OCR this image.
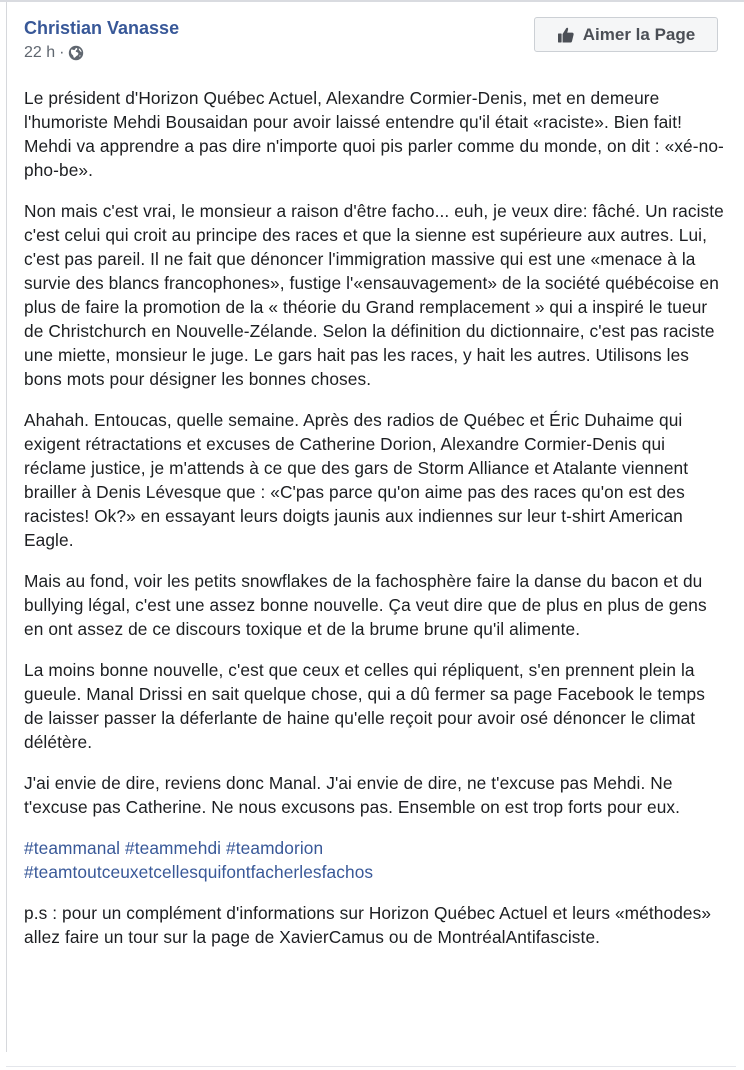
Christian Vanasse
22 h ·
Aimer la Page

Le président d'Horizon Québec Actuel, Alexandre Cormier-Denis, met en demeure l'humoriste Mehdi Bousaidan pour avoir laissé entendre qu'il était «raciste». Bien fait! Mehdi va apprendre a pas dire n'importe quoi pis parler comme du monde, on dit : «xé-no-pho-be».

Non mais c'est vrai, le monsieur a raison d'être facho... euh, je veux dire: fâché. Un raciste c'est celui qui croit au principe des races et que la sienne est supérieure aux autres. Lui, c'est pas pareil. Il ne fait que dénoncer l'immigration massive qui est une «menace à la survie des blancs francophones», fustige l'«ensauvagement» de la société québécoise en plus de faire la promotion de la « théorie du Grand remplacement » qui a inspiré le tueur de Christchurch en Nouvelle-Zélande. Selon la définition du dictionnaire, c'est pas raciste une miette, monsieur le juge. Le gars hait pas les races, y hait les autres. Utilisons les bons mots pour désigner les bonnes choses.

Ahahah. Entoucas, quelle semaine. Après des radios de Québec et Éric Duhaime qui exigent rétractations et excuses de Catherine Dorion, Alexandre Cormier-Denis qui réclame justice, je m'attends à ce que des gars de Storm Alliance et Atalante viennent brailler à Denis Lévesque que : «C'pas parce qu'on aime pas des races qu'on est des racistes! Ok?» en essayant leurs doigts jaunis aux indiennes sur leur t-shirt American Eagle.

Mais au fond, voir les petits snowflakes de la fachosphère faire la danse du bacon et du bullying légal, c'est une assez bonne nouvelle. Ça veut dire que de plus en plus de gens en ont assez de ce discours toxique et de la brume brune qu'il alimente.

La moins bonne nouvelle, c'est que ceux et celles qui répliquent, s'en prennent plein la gueule. Manal Drissi en sait quelque chose, qui a dû fermer sa page Facebook le temps de laisser passer la déferlante de haine qu'elle reçoit pour avoir osé dénoncer le climat délétère.

J'ai envie de dire, reviens donc Manal. J'ai envie de dire, ne t'excuse pas Mehdi. Ne t'excuse pas Catherine. Ne nous excusons pas. Ensemble on est trop forts pour eux.

#teammanal #teammehdi #teamdorion
#teamtoutceuxetcellesquifontfacherlesfachos

p.s : pour un complément d'informations sur Horizon Québec Actuel et leurs «méthodes» allez faire un tour sur la page de XavierCamus ou de MontréalAntifasciste.
